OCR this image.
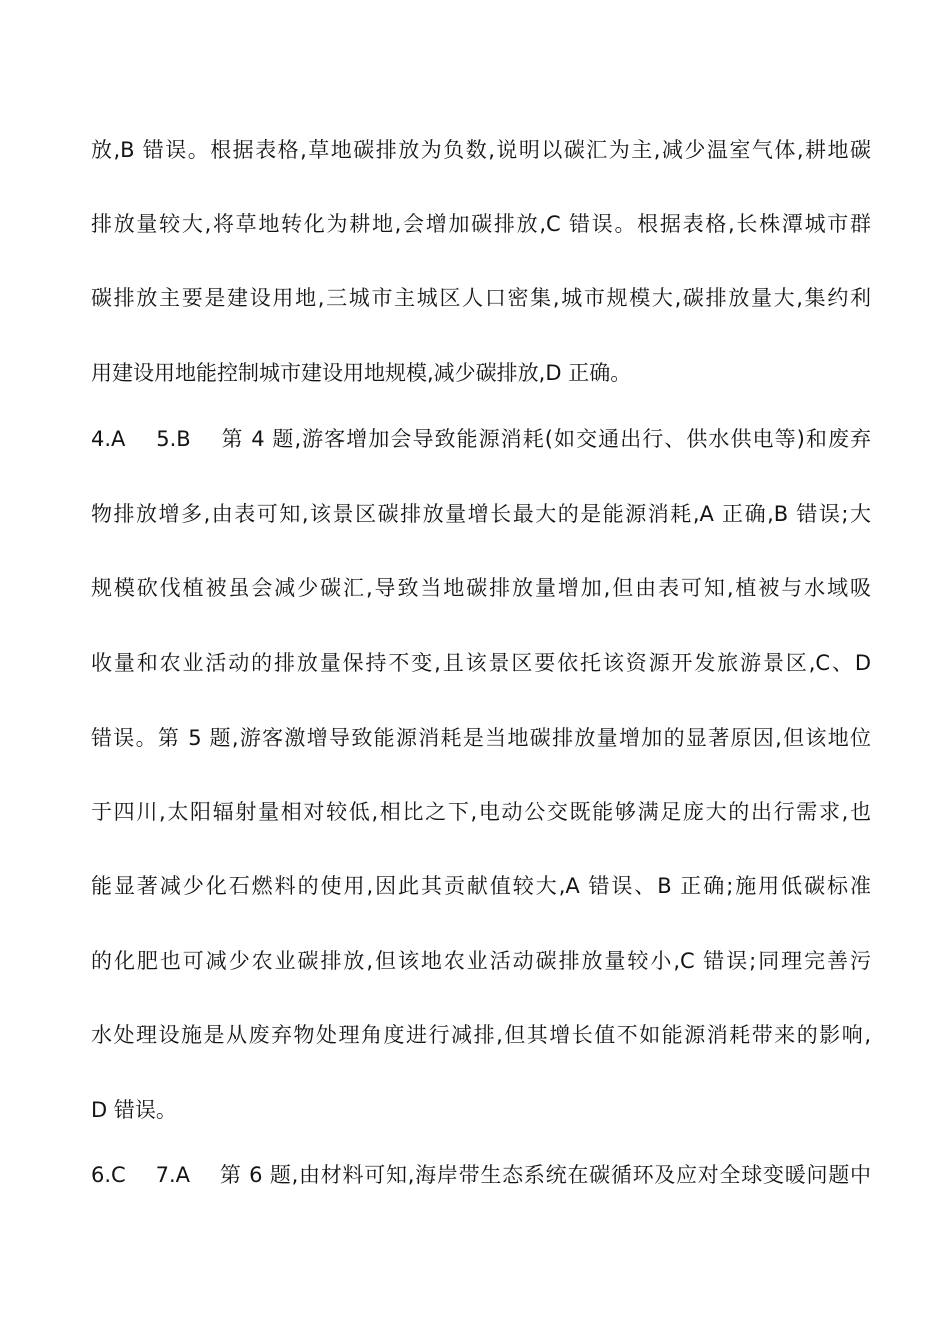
放,B 错误。根据表格,草地碳排放为负数,说明以碳汇为主,减少温室气体,耕地碳
排放量较大,将草地转化为耕地,会增加碳排放,C 错误。根据表格,长株潭城市群
碳排放主要是建设用地,三城市主城区人口密集,城市规模大,碳排放量大,集约利
用建设用地能控制城市建设用地规模,减少碳排放,D 正确。
4.A　 5.B　 第 4 题,游客增加会导致能源消耗(如交通出行、供水供电等)和废弃
物排放增多,由表可知,该景区碳排放量增长最大的是能源消耗,A 正确,B 错误;大
规模砍伐植被虽会减少碳汇,导致当地碳排放量增加,但由表可知,植被与水域吸
收量和农业活动的排放量保持不变,且该景区要依托该资源开发旅游景区,C、D
错误。第 5 题,游客激增导致能源消耗是当地碳排放量增加的显著原因,但该地位
于四川,太阳辐射量相对较低,相比之下,电动公交既能够满足庞大的出行需求,也
能显著减少化石燃料的使用,因此其贡献值较大,A 错误、B 正确;施用低碳标准
的化肥也可减少农业碳排放,但该地农业活动碳排放量较小,C 错误;同理完善污
水处理设施是从废弃物处理角度进行减排,但其增长值不如能源消耗带来的影响,
D 错误。
6.C　 7.A　 第 6 题,由材料可知,海岸带生态系统在碳循环及应对全球变暖问题中
